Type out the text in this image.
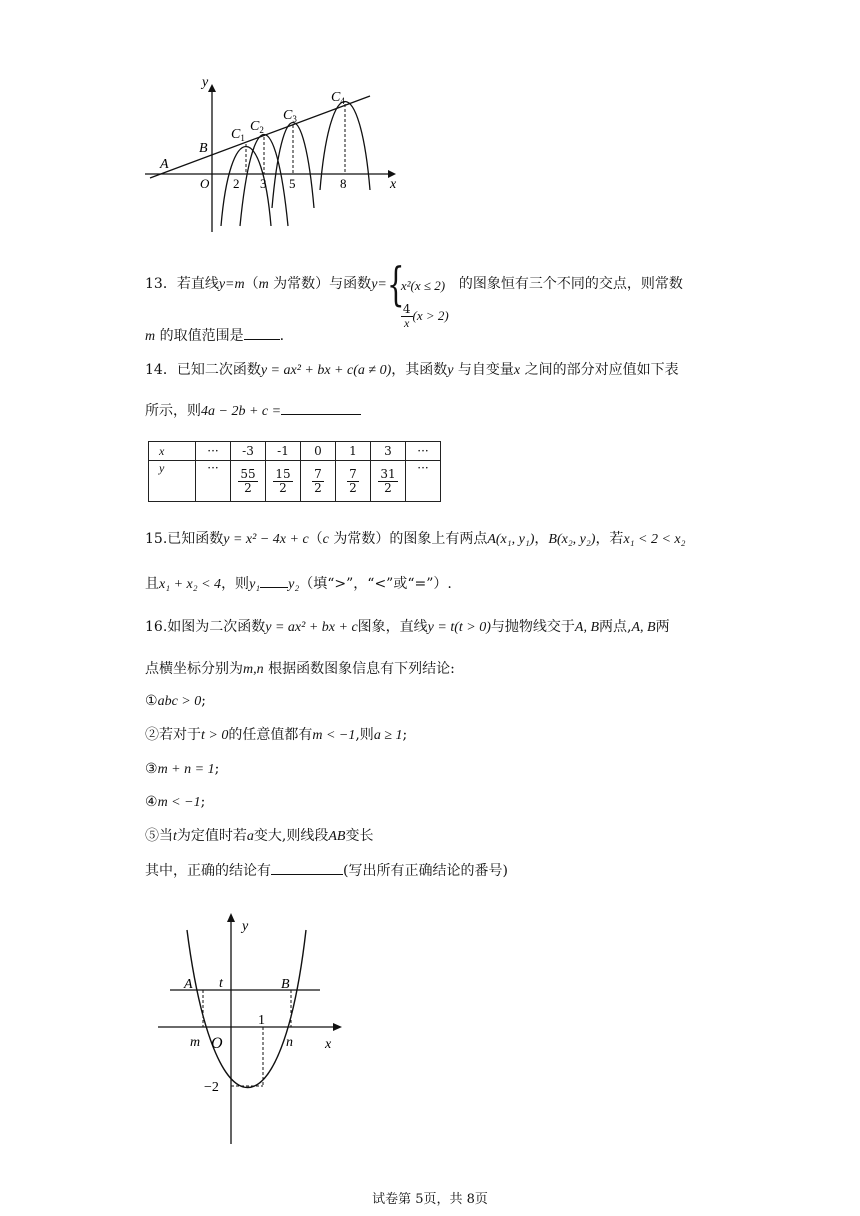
y
x
O
A
B
$C_1$
$C_2$
$C_3$
$C_4$
2 3 5	8
13．若直线y=m（m 为常数）与函数y= {
x²(x ≤ 2)
$\frac{4}{x} (x > 2)$
的图象恒有三个不同的交点，则常数
m 的取值范围是	.
14．已知二次函数y = ax² + bx + c(a ≠ 0)，其函数y 与自变量x 之间的部分对应值如下表
所示，则4a − 2b + c =
x	···	-3	-1	0	1	3	···
y	···	$\frac{55}{2}$	$\frac{15}{2}$	$\frac{7}{2}$	$\frac{7}{2}$	$\frac{31}{2}$	···
15.已知函数y = x² − 4x + c（c 为常数）的图象上有两点A(x₁, y₁)，B(x₂, y₂)，若x₁ < 2 < x₂
且x₁ + x₂ < 4，则y₁ y₂（填“>”，“<”或“=”）.
16.如图为二次函数y = ax² + bx + c图象，直线y = t(t > 0)与抛物线交于A, B两点,A, B两
点横坐标分别为m,n 根据函数图象信息有下列结论:
①abc > 0;
②若对于t > 0的任意值都有m < −1,则a ≥ 1;
③m + n = 1;
④m < −1;
⑤当t为定值时若a变大,则线段AB变长
其中，正确的结论有	(写出所有正确结论的番号)
y
x
A	B
t
m O	n
1
−2
试卷第 5页，共 8页
